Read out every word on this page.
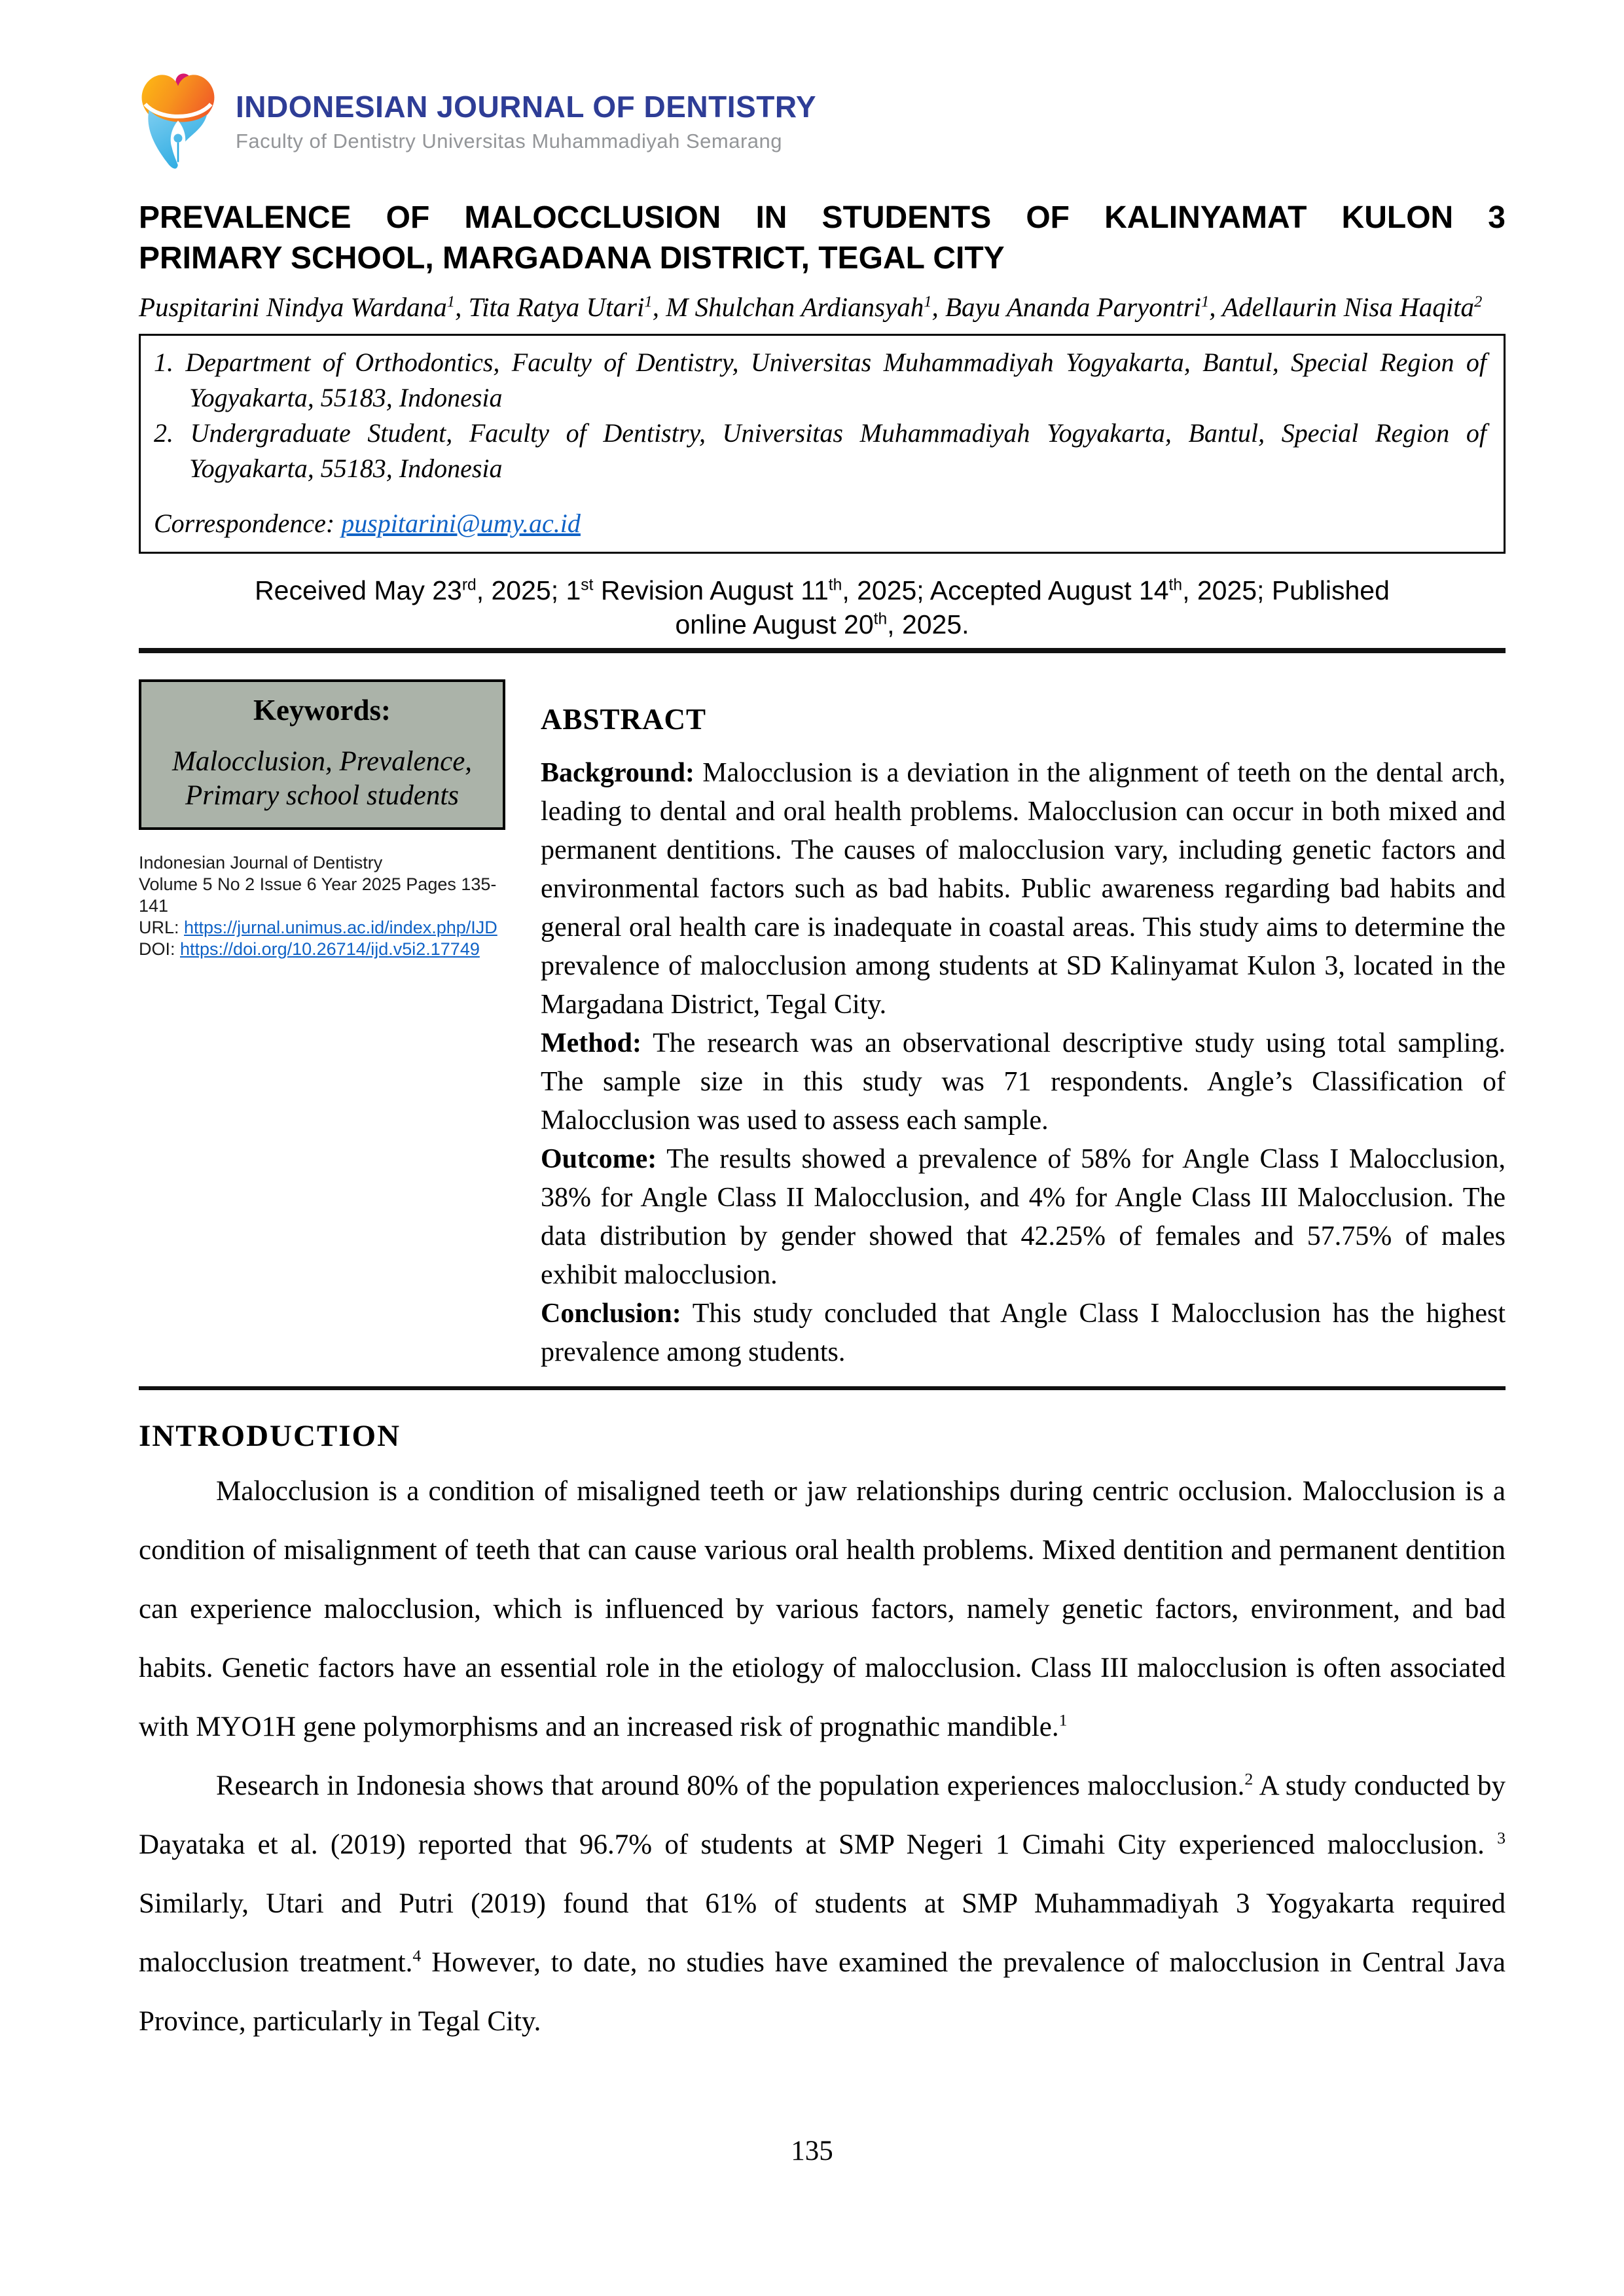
INDONESIAN JOURNAL OF DENTISTRY
Faculty of Dentistry Universitas Muhammadiyah Semarang
PREVALENCE OF MALOCCLUSION IN STUDENTS OF KALINYAMAT KULON 3
PRIMARY SCHOOL, MARGADANA DISTRICT, TEGAL CITY

Puspitarini Nindya Wardana$^1$, Tita Ratya Utari$^1$, M Shulchan Ardiansyah$^1$, Bayu Ananda Paryontri$^1$, Adellaurin Nisa Haqita$^2$

1. Department of Orthodontics, Faculty of Dentistry, Universitas Muhammadiyah Yogyakarta, Bantul, Special Region of Yogyakarta, 55183, Indonesia
2. Undergraduate Student, Faculty of Dentistry, Universitas Muhammadiyah Yogyakarta, Bantul, Special Region of Yogyakarta, 55183, Indonesia

Correspondence: puspitarini@umy.ac.id

Received May 23rd, 2025; 1st Revision August 11th, 2025; Accepted August 14th, 2025; Published
online August 20th, 2025.

Keywords:
Malocclusion, Prevalence,
Primary school students
Indonesian Journal of Dentistry
Volume 5 No 2 Issue 6 Year 2025 Pages 135-141
URL: https://jurnal.unimus.ac.id/index.php/IJD
DOI: https://doi.org/10.26714/ijd.v5i2.17749
ABSTRACT

Background: Malocclusion is a deviation in the alignment of teeth on the dental arch, leading to dental and oral health problems. Malocclusion can occur in both mixed and permanent dentitions. The causes of malocclusion vary, including genetic factors and environmental factors such as bad habits. Public awareness regarding bad habits and general oral health care is inadequate in coastal areas. This study aims to determine the prevalence of malocclusion among students at SD Kalinyamat Kulon 3, located in the Margadana District, Tegal City.

Method: The research was an observational descriptive study using total sampling. The sample size in this study was 71 respondents. Angle’s Classification of Malocclusion was used to assess each sample.

Outcome: The results showed a prevalence of 58% for Angle Class I Malocclusion, 38% for Angle Class II Malocclusion, and 4% for Angle Class III Malocclusion. The data distribution by gender showed that 42.25% of females and 57.75% of males exhibit malocclusion.

Conclusion: This study concluded that Angle Class I Malocclusion has the highest prevalence among students.

INTRODUCTION

Malocclusion is a condition of misaligned teeth or jaw relationships during centric occlusion. Malocclusion is a condition of misalignment of teeth that can cause various oral health problems. Mixed dentition and permanent dentition can experience malocclusion, which is influenced by various factors, namely genetic factors, environment, and bad habits. Genetic factors have an essential role in the etiology of malocclusion. Class III malocclusion is often associated with MYO1H gene polymorphisms and an increased risk of prognathic mandible.$^1$

Research in Indonesia shows that around 80% of the population experiences malocclusion.$^2$ A study conducted by Dayataka et al. (2019) reported that 96.7% of students at SMP Negeri 1 Cimahi City experienced malocclusion. $^3$ Similarly, Utari and Putri (2019) found that 61% of students at SMP Muhammadiyah 3 Yogyakarta required malocclusion treatment.$^4$ However, to date, no studies have examined the prevalence of malocclusion in Central Java Province, particularly in Tegal City.

135
